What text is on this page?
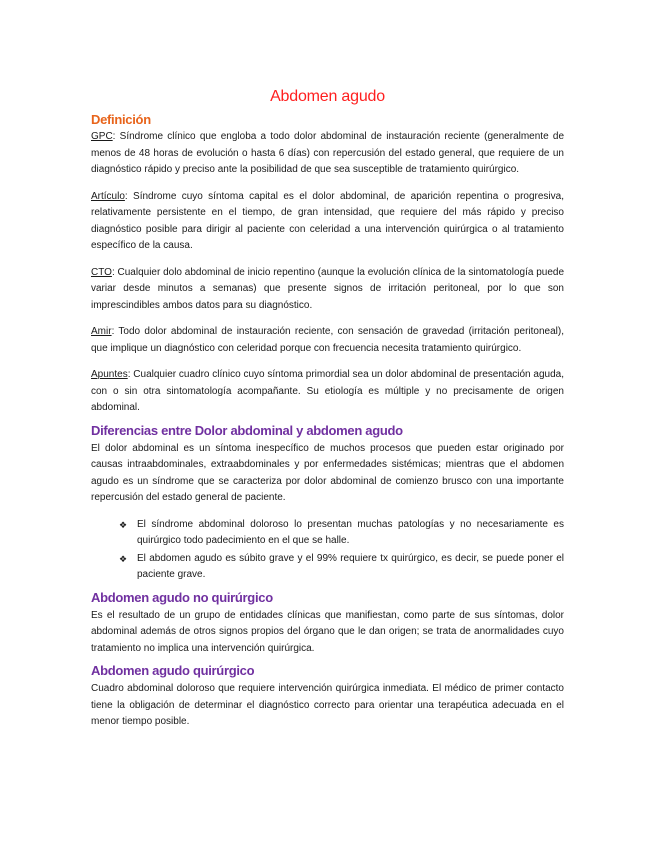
Abdomen agudo
Definición

GPC: Síndrome clínico que engloba a todo dolor abdominal de instauración reciente (generalmente de menos de 48 horas de evolución o hasta 6 días) con repercusión del estado general, que requiere de un diagnóstico rápido y preciso ante la posibilidad de que sea susceptible de tratamiento quirúrgico.

Artículo: Síndrome cuyo síntoma capital es el dolor abdominal, de aparición repentina o progresiva, relativamente persistente en el tiempo, de gran intensidad, que requiere del más rápido y preciso diagnóstico posible para dirigir al paciente con celeridad a una intervención quirúrgica o al tratamiento específico de la causa.

CTO: Cualquier dolo abdominal de inicio repentino (aunque la evolución clínica de la sintomatología puede variar desde minutos a semanas) que presente signos de irritación peritoneal, por lo que son imprescindibles ambos datos para su diagnóstico.

Amir: Todo dolor abdominal de instauración reciente, con sensación de gravedad (irritación peritoneal), que implique un diagnóstico con celeridad porque con frecuencia necesita tratamiento quirúrgico.

Apuntes: Cualquier cuadro clínico cuyo síntoma primordial sea un dolor abdominal de presentación aguda, con o sin otra sintomatología acompañante. Su etiología es múltiple y no precisamente de origen abdominal.

Diferencias entre Dolor abdominal y abdomen agudo

El dolor abdominal es un síntoma inespecífico de muchos procesos que pueden estar originado por causas intraabdominales, extraabdominales y por enfermedades sistémicas; mientras que el abdomen agudo es un síndrome que se caracteriza por dolor abdominal de comienzo brusco con una importante repercusión del estado general de paciente.

❖ El síndrome abdominal doloroso lo presentan muchas patologías y no necesariamente es quirúrgico todo padecimiento en el que se halle.
❖ El abdomen agudo es súbito grave y el 99% requiere tx quirúrgico, es decir, se puede poner el paciente grave.
Abdomen agudo no quirúrgico

Es el resultado de un grupo de entidades clínicas que manifiestan, como parte de sus síntomas, dolor abdominal además de otros signos propios del órgano que le dan origen; se trata de anormalidades cuyo tratamiento no implica una intervención quirúrgica.

Abdomen agudo quirúrgico

Cuadro abdominal doloroso que requiere intervención quirúrgica inmediata. El médico de primer contacto tiene la obligación de determinar el diagnóstico correcto para orientar una terapéutica adecuada en el menor tiempo posible.
